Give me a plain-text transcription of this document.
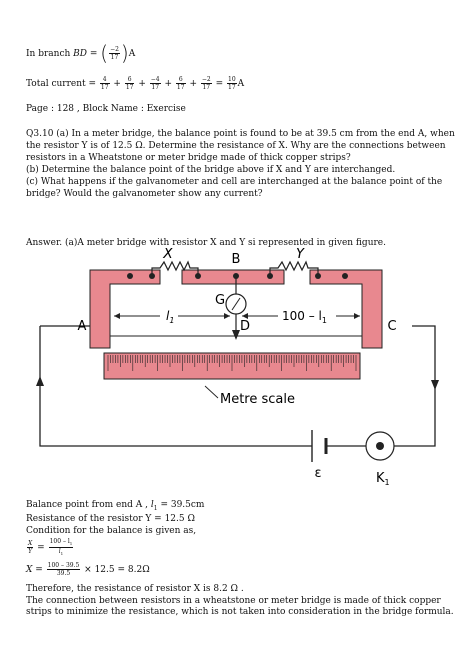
In branch BD = ( $\frac{-2}{17} )A$
Total current = $\frac{4}{17} + \frac{6}{17} + \frac{-4}{17} + \frac{6}{17} + \frac{-2}{17} = \frac{10}{17}$ A
Page : 128 , Block Name : Exercise
Q3.10 (a) In a meter bridge, the balance point is found to be at 39.5 cm from the end A, when the resistor Y is of 12.5 Ω. Determine the resistance of X. Why are the connections between resistors in a Wheatstone or meter bridge made of thick copper strips?
(b) Determine the balance point of the bridge above if X and Y are interchanged.
(c) What happens if the galvanometer and cell are interchanged at the balance point of the bridge? Would the galvanometer show any current?
Answer. (a)A meter bridge with resistor X and Y si represented in given figure.
X	Y
B
G
A	C
D
$l_1$	$100 - l_1$
Metre scale
ε	$K_1$
Balance point from end A , $l_1 = 39.5cm$
Resistance of the resistor Y = 12.5 Ω
Condition for the balance is given as,
$\frac{X}{Y} = \frac{100 - l_1}{l_1}$
$X = \frac{100 - 39.5}{39.5} \times 12.5 = 8.2\Omega$
Therefore, the resistance of resistor X is 8.2 Ω .
The connection between resistors in a wheatstone or meter bridge is made of thick copper strips to minimize the resistance, which is not taken into consideration in the bridge formula.
